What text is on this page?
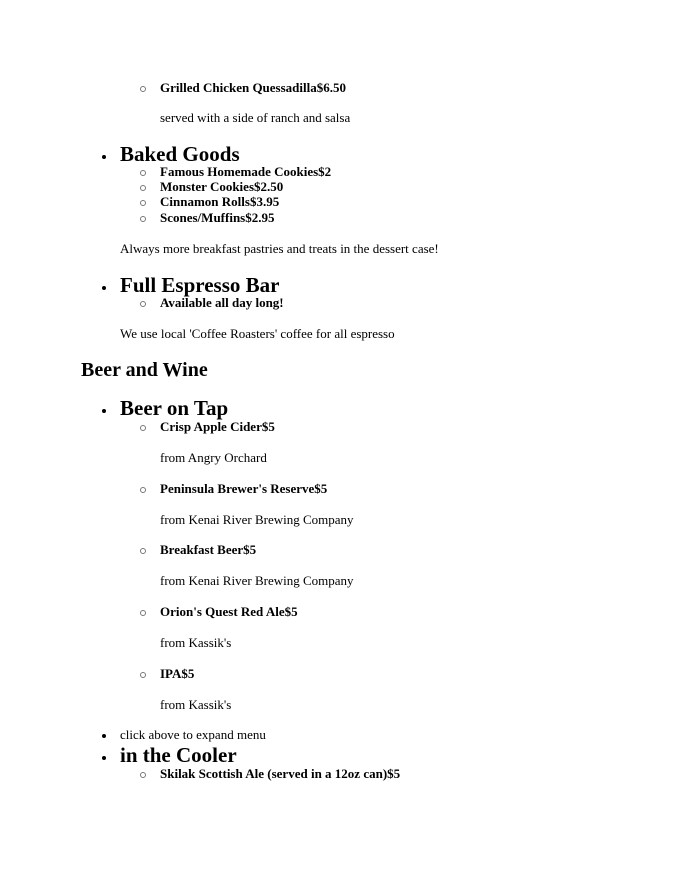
Grilled Chicken Quessadilla$6.50
served with a side of ranch and salsa
Baked Goods
Famous Homemade Cookies$2
Monster Cookies$2.50
Cinnamon Rolls$3.95
Scones/Muffins$2.95
Always more breakfast pastries and treats in the dessert case!
Full Espresso Bar
Available all day long!
We use local 'Coffee Roasters' coffee for all espresso
Beer and Wine
Beer on Tap
Crisp Apple Cider$5
from Angry Orchard
Peninsula Brewer's Reserve$5
from Kenai River Brewing Company
Breakfast Beer$5
from Kenai River Brewing Company
Orion's Quest Red Ale$5
from Kassik's
IPA$5
from Kassik's
click above to expand menu
in the Cooler
Skilak Scottish Ale (served in a 12oz can)$5
